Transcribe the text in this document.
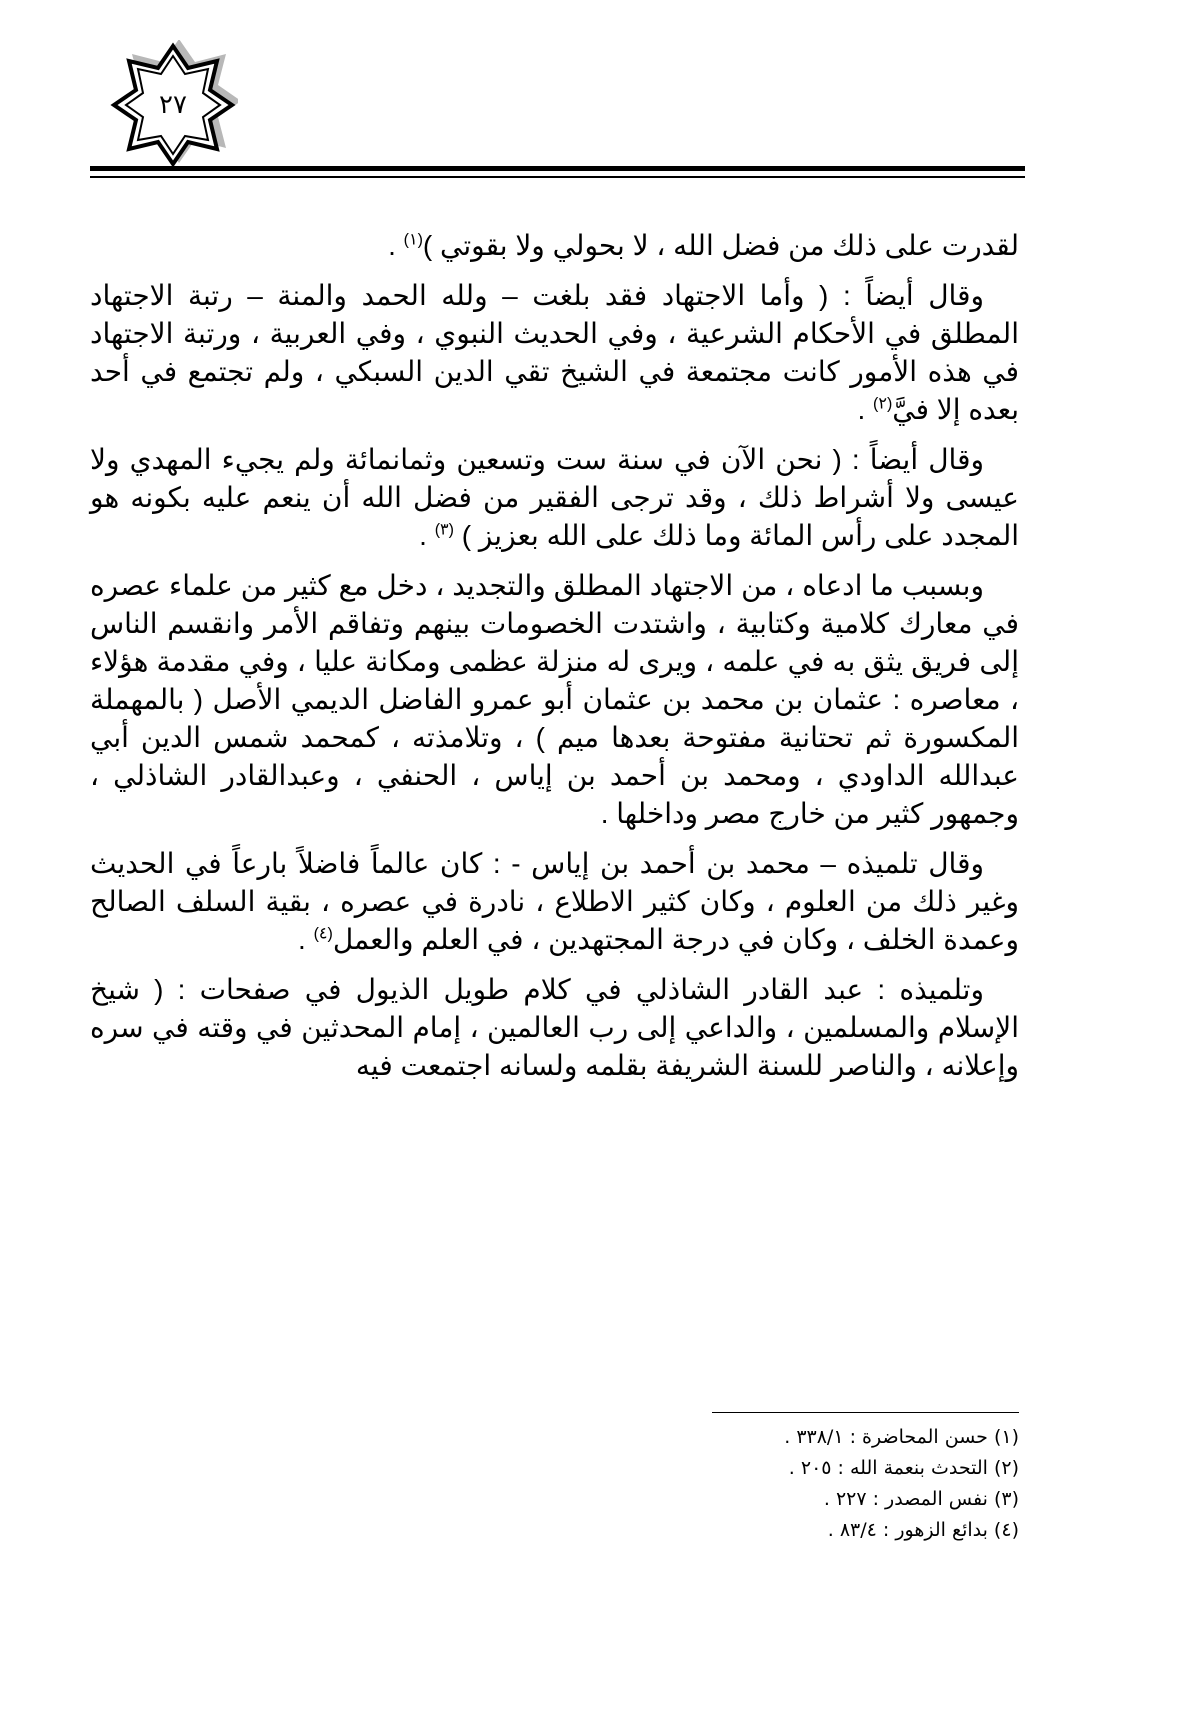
٢٧

لقدرت على ذلك من فضل الله ، لا بحولي ولا بقوتي )$^{(١)}$ .

وقال أيضاً : ( وأما الاجتهاد فقد بلغت – ولله الحمد والمنة – رتبة الاجتهاد المطلق في الأحكام الشرعية ، وفي الحديث النبوي ، وفي العربية ، ورتبة الاجتهاد في هذه الأمور كانت مجتمعة في الشيخ تقي الدين السبكي ، ولم تجتمع في أحد بعده إلا فيَّ$^{(٢)}$ .

وقال أيضاً : ( نحن الآن في سنة ست وتسعين وثمانمائة ولم يجيء المهدي ولا عيسى ولا أشراط ذلك ، وقد ترجى الفقير من فضل الله أن ينعم عليه بكونه هو المجدد على رأس المائة وما ذلك على الله بعزيز ) $^{(٣)}$ .

وبسبب ما ادعاه ، من الاجتهاد المطلق والتجديد ، دخل مع كثير من علماء عصره في معارك كلامية وكتابية ، واشتدت الخصومات بينهم وتفاقم الأمر وانقسم الناس إلى فريق يثق به في علمه ، ويرى له منزلة عظمى ومكانة عليا ، وفي مقدمة هؤلاء ، معاصره : عثمان بن محمد بن عثمان أبو عمرو الفاضل الديمي الأصل ( بالمهملة المكسورة ثم تحتانية مفتوحة بعدها ميم ) ، وتلامذته ، كمحمد شمس الدين أبي عبدالله الداودي ، ومحمد بن أحمد بن إياس ، الحنفي ، وعبدالقادر الشاذلي ، وجمهور كثير من خارج مصر وداخلها .

وقال تلميذه – محمد بن أحمد بن إياس - : كان عالماً فاضلاً بارعاً في الحديث وغير ذلك من العلوم ، وكان كثير الاطلاع ، نادرة في عصره ، بقية السلف الصالح وعمدة الخلف ، وكان في درجة المجتهدين ، في العلم والعمل$^{(٤)}$ .

وتلميذه : عبد القادر الشاذلي في كلام طويل الذيول في صفحات : ( شيخ الإسلام والمسلمين ، والداعي إلى رب العالمين ، إمام المحدثين في وقته في سره وإعلانه ، والناصر للسنة الشريفة بقلمه ولسانه اجتمعت فيه

(١) حسن المحاضرة : ٣٣٨/١ .
(٢) التحدث بنعمة الله : ٢٠٥ .
(٣) نفس المصدر : ٢٢٧ .
(٤) بدائع الزهور : ٨٣/٤ .
